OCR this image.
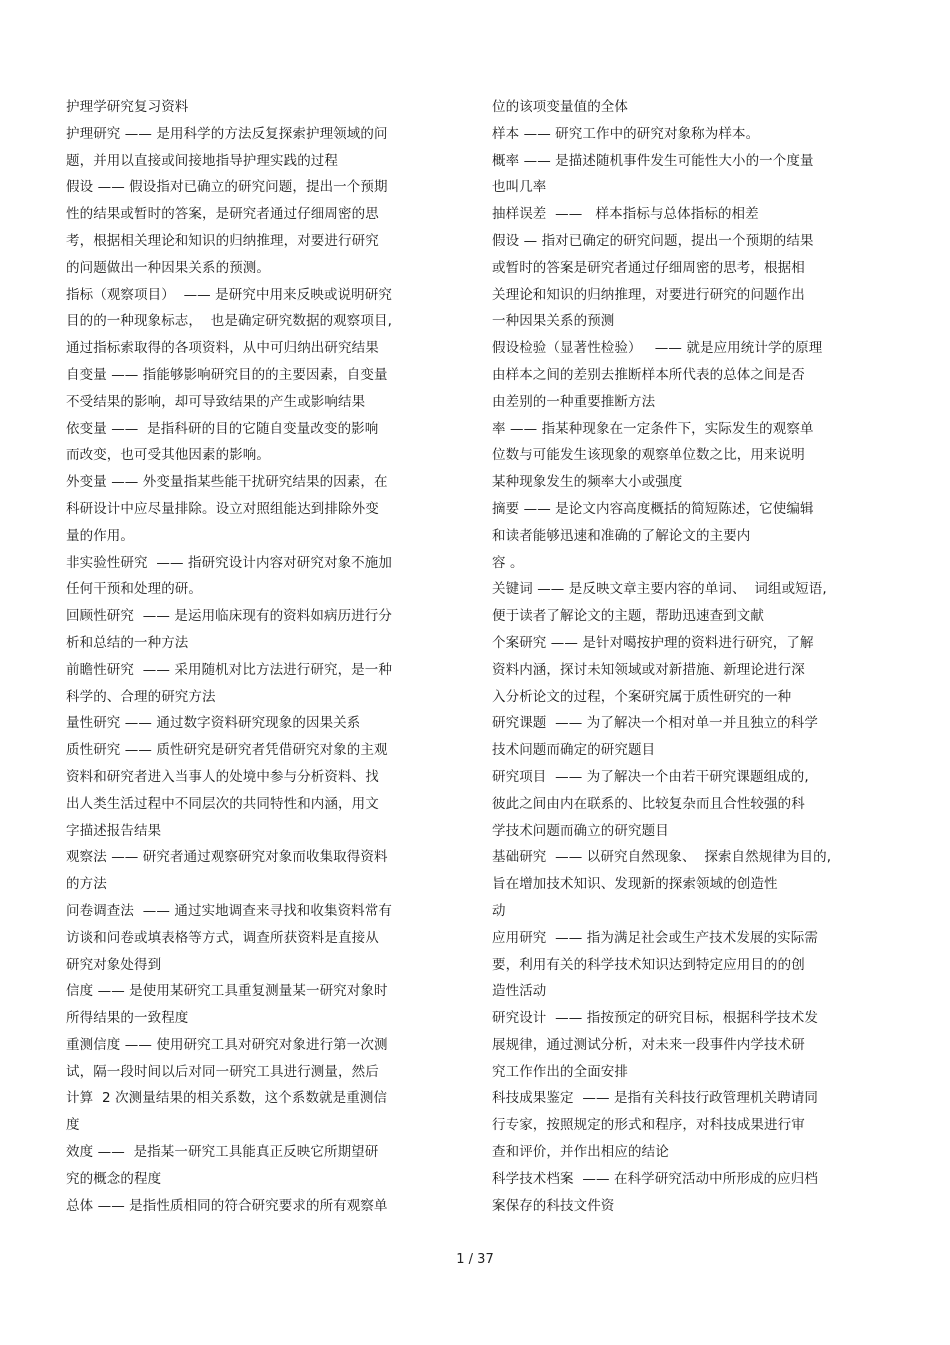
护理学研究复习资料
护理研究 —— 是用科学的方法反复探索护理领域的问
题，并用以直接或间接地指导护理实践的过程
假设 —— 假设指对已确立的研究问题，提出一个预期
性的结果或暂时的答案，是研究者通过仔细周密的思
考，根据相关理论和知识的归纳推理，对要进行研究
的问题做出一种因果关系的预测。
指标（观察项目）  —— 是研究中用来反映或说明研究
目的的一种现象标志，  也是确定研究数据的观察项目,
通过指标索取得的各项资料，从中可归纳出研究结果
自变量 —— 指能够影响研究目的的主要因素，自变量
不受结果的影响，却可导致结果的产生或影响结果
依变量 ——  是指科研的目的它随自变量改变的影响
而改变，也可受其他因素的影响。
外变量 —— 外变量指某些能干扰研究结果的因素，在
科研设计中应尽量排除。设立对照组能达到排除外变
量的作用。
非实验性研究  —— 指研究设计内容对研究对象不施加
任何干预和处理的研。
回顾性研究  —— 是运用临床现有的资料如病历进行分
析和总结的一种方法
前瞻性研究  —— 采用随机对比方法进行研究，是一种
科学的、合理的研究方法
量性研究 —— 通过数字资料研究现象的因果关系
质性研究 —— 质性研究是研究者凭借研究对象的主观
资料和研究者进入当事人的处境中参与分析资料、找
出人类生活过程中不同层次的共同特性和内涵，用文
字描述报告结果
观察法 —— 研究者通过观察研究对象而收集取得资料
的方法
问卷调查法  —— 通过实地调查来寻找和收集资料常有
访谈和问卷或填表格等方式，调查所获资料是直接从
研究对象处得到
信度 —— 是使用某研究工具重复测量某一研究对象时
所得结果的一致程度
重测信度 —— 使用研究工具对研究对象进行第一次测
试，隔一段时间以后对同一研究工具进行测量，然后
计算  2 次测量结果的相关系数，这个系数就是重测信
度
效度 ——  是指某一研究工具能真正反映它所期望研
究的概念的程度
总体 —— 是指性质相同的符合研究要求的所有观察单
位的该项变量值的全体
样本 —— 研究工作中的研究对象称为样本。
概率 —— 是描述随机事件发生可能性大小的一个度量
也叫几率
抽样误差  ——   样本指标与总体指标的相差
假设 — 指对已确定的研究问题，提出一个预期的结果
或暂时的答案是研究者通过仔细周密的思考，根据相
关理论和知识的归纳推理，对要进行研究的问题作出
一种因果关系的预测
假设检验（显著性检验）   —— 就是应用统计学的原理
由样本之间的差别去推断样本所代表的总体之间是否
由差别的一种重要推断方法
率 —— 指某种现象在一定条件下，实际发生的观察单
位数与可能发生该现象的观察单位数之比，用来说明
某种现象发生的频率大小或强度
摘要 —— 是论文内容高度概括的简短陈述，它使编辑
和读者能够迅速和准确的了解论文的主要内
容 。
关键词 —— 是反映文章主要内容的单词、  词组或短语,
便于读者了解论文的主题，帮助迅速查到文献
个案研究 —— 是针对噶按护理的资料进行研究，了解
资料内涵，探讨未知领域或对新措施、新理论进行深
入分析论文的过程，个案研究属于质性研究的一种
研究课题  —— 为了解决一个相对单一并且独立的科学
技术问题而确定的研究题目
研究项目  —— 为了解决一个由若干研究课题组成的,
彼此之间由内在联系的、比较复杂而且合性较强的科
学技术问题而确立的研究题目
基础研究  —— 以研究自然现象、  探索自然规律为目的,
旨在增加技术知识、发现新的探索领域的创造性
动
应用研究  —— 指为满足社会或生产技术发展的实际需
要，利用有关的科学技术知识达到特定应用目的的创
造性活动
研究设计  —— 指按预定的研究目标，根据科学技术发
展规律，通过测试分析，对未来一段事件内学技术研
究工作作出的全面安排
科技成果鉴定  —— 是指有关科技行政管理机关聘请同
行专家，按照规定的形式和程序，对科技成果进行审
查和评价，并作出相应的结论
科学技术档案  —— 在科学研究活动中所形成的应归档
案保存的科技文件资
1 / 37
